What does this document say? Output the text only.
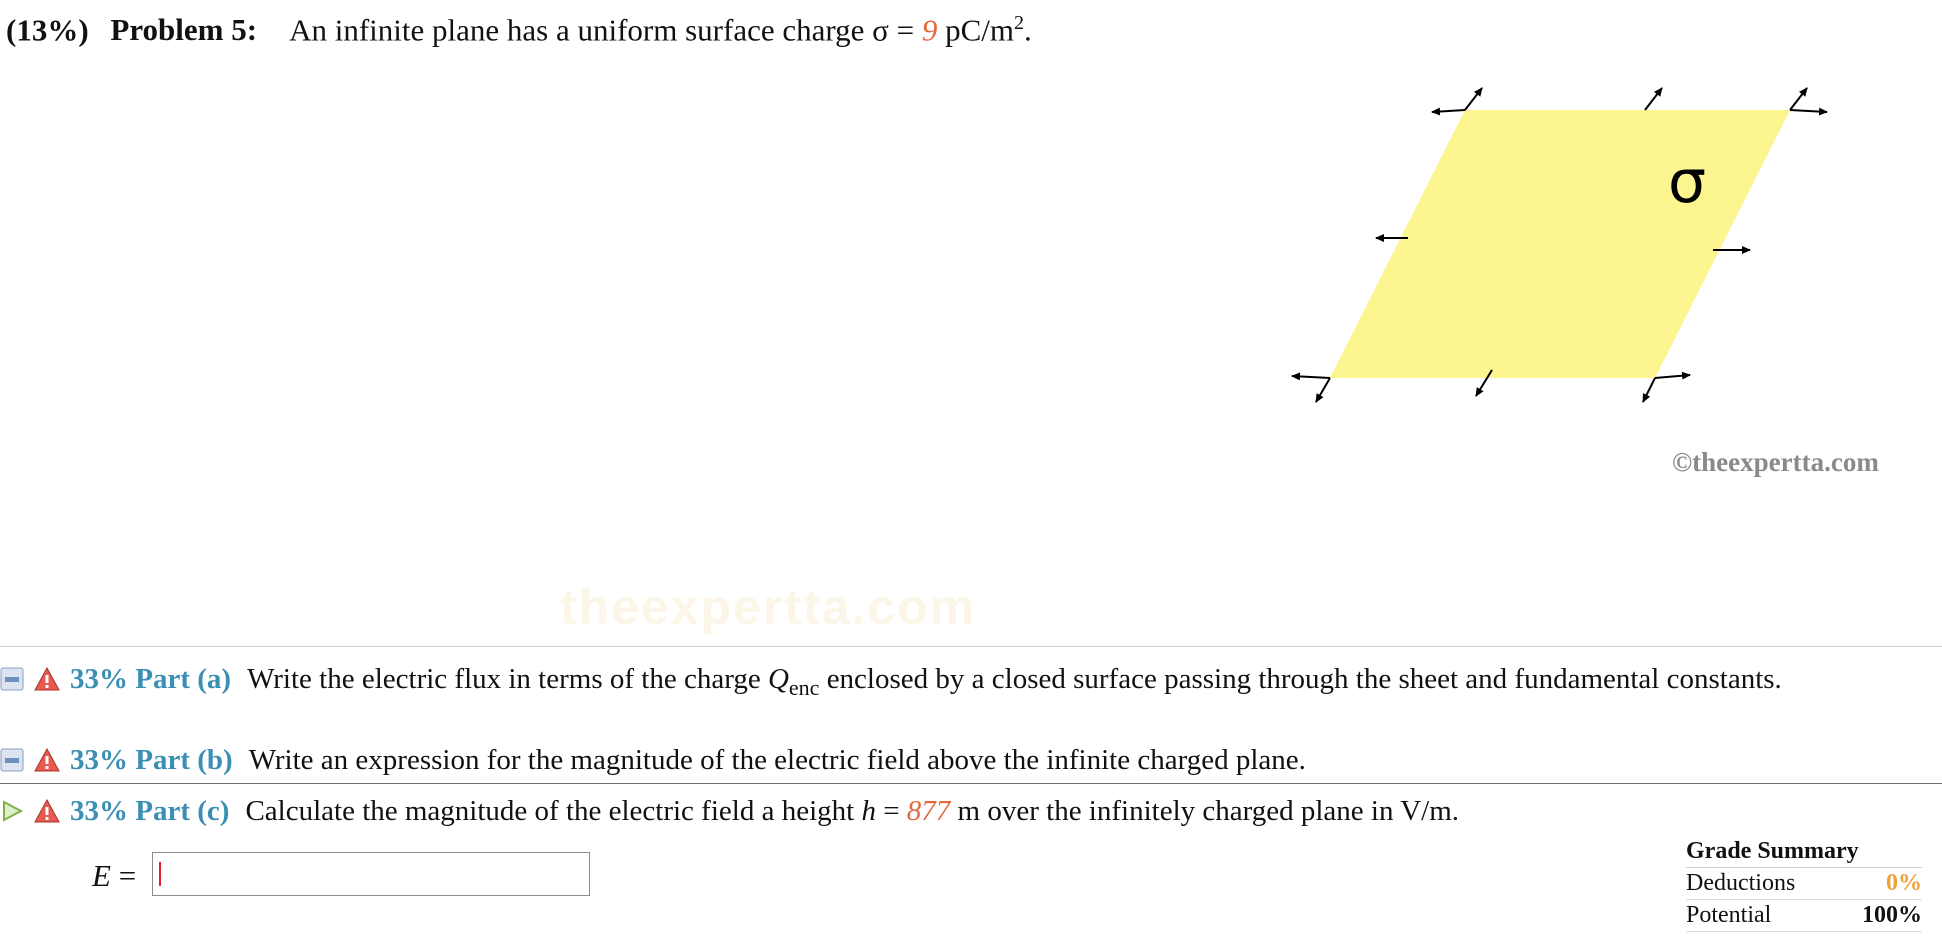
(13%) Problem 5: An infinite plane has a uniform surface charge σ = 9 $pC/m^2$.
σ
©theexpertta.com
theexpertta.com
33% Part (a) Write the electric flux in terms of the charge $Q_{enc}$ enclosed by a closed surface passing through the sheet and fundamental constants.
33% Part (b) Write an expression for the magnitude of the electric field above the infinite charged plane.
33% Part (c) Calculate the magnitude of the electric field a height h = 877 m over the infinitely charged plane in V/m.
E =
Grade Summary
Deductions	0%
Potential	100%
